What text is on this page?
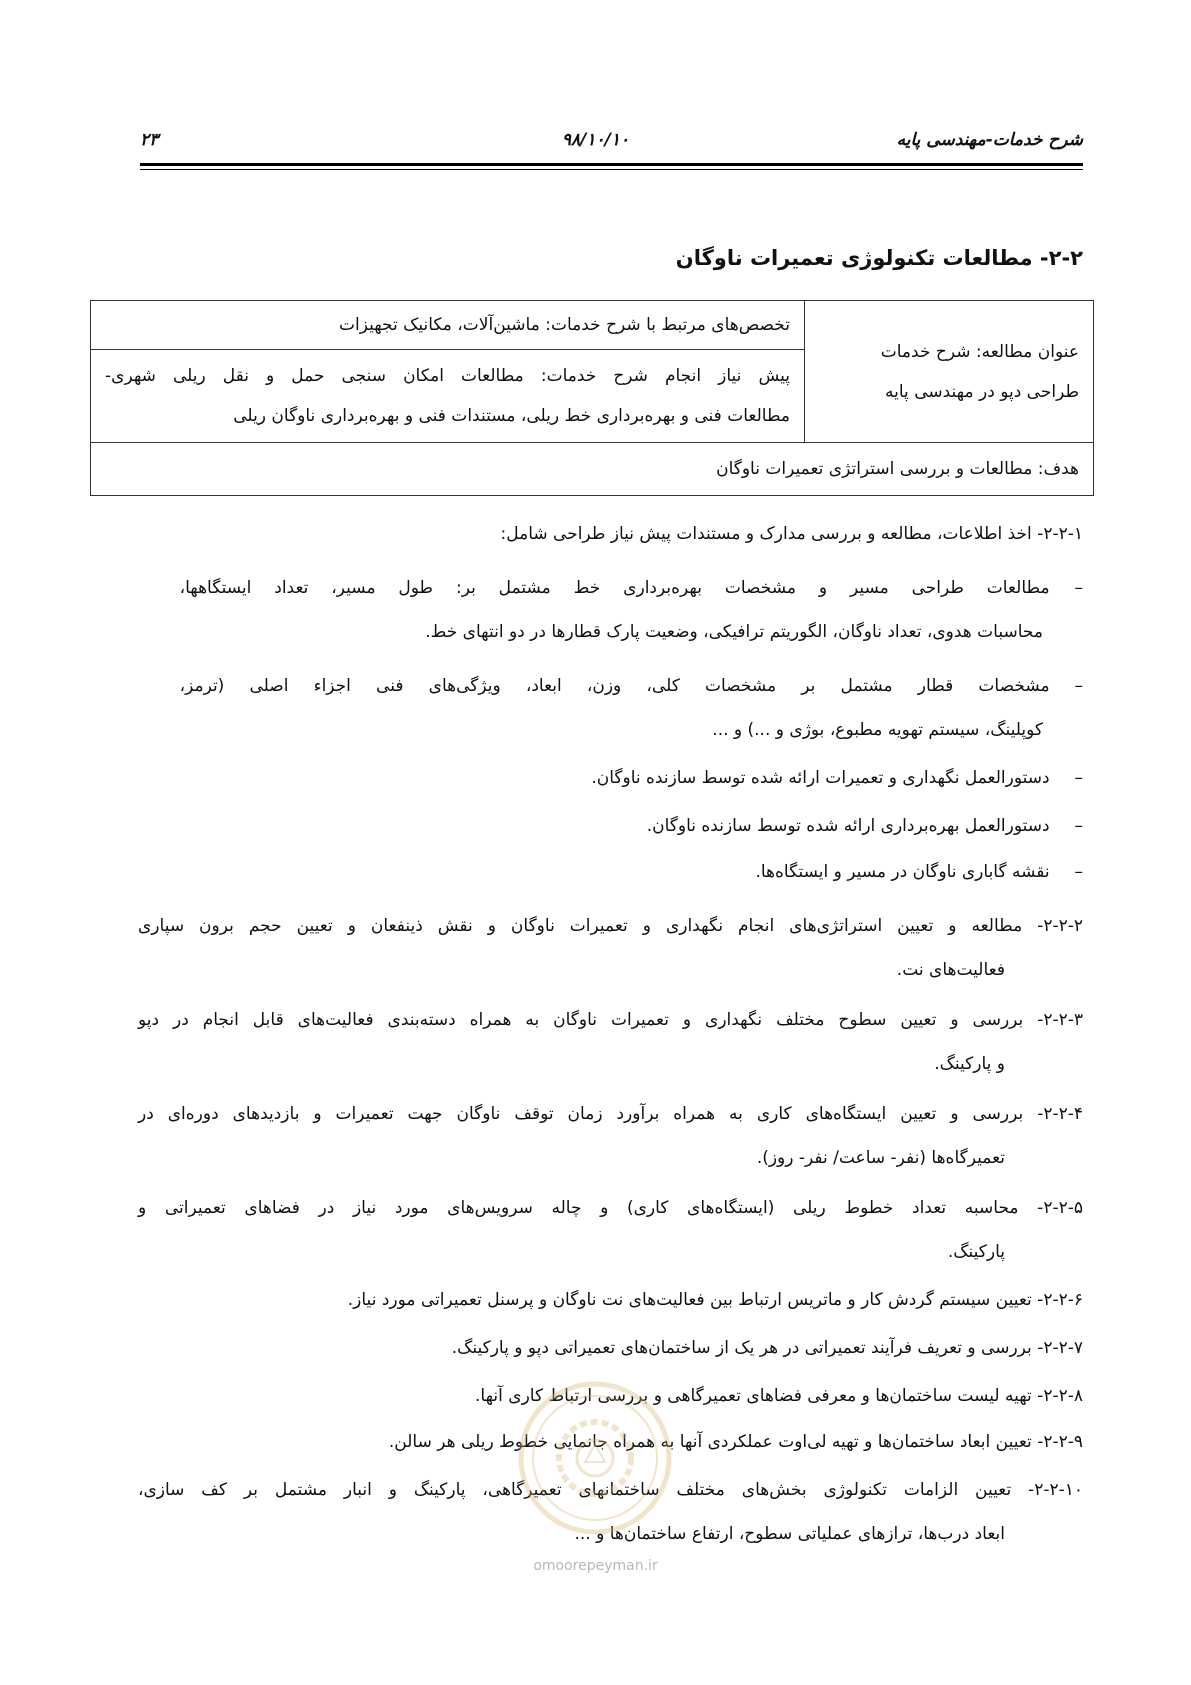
شرح خدمات-مهندسی پایه
۹۸/۱۰/۱۰
۲۳
۲-۲- مطالعات تکنولوژی تعمیرات ناوگان
عنوان مطالعه: شرح خدمات
طراحی دپو در مهندسی پایه
	تخصص‌های مرتبط با شرح خدمات: ماشین‌آلات، مکانیک تجهیزات

پیش نیاز انجام شرح خدمات: مطالعات امکان سنجی حمل و نقل ریلی شهری-
مطالعات فنی و بهره‌برداری خط ریلی، مستندات فنی و بهره‌برداری ناوگان ریلی

هدف: مطالعات و بررسی استراتژی تعمیرات ناوگان
۲-۲-۱- اخذ اطلاعات، مطالعه و بررسی مدارک و مستندات پیش نیاز طراحی شامل:
– مطالعات طراحی مسیر و مشخصات بهره‌برداری خط مشتمل بر: طول مسیر، تعداد ایستگاهها،
محاسبات هدوی، تعداد ناوگان، الگوریتم ترافیکی، وضعیت پارک قطارها در دو انتهای خط.
– مشخصات قطار مشتمل بر مشخصات کلی، وزن، ابعاد، ویژگی‌های فنی اجزاء اصلی (ترمز،
کوپلینگ، سیستم تهویه مطبوع، بوژی و ...) و ...
– دستورالعمل نگهداری و تعمیرات ارائه شده توسط سازنده ناوگان.
– دستورالعمل بهره‌برداری ارائه شده توسط سازنده ناوگان.
– نقشه گاباری ناوگان در مسیر و ایستگاه‌ها.
۲-۲-۲- مطالعه و تعیین استراتژی‌های انجام نگهداری و تعمیرات ناوگان و نقش ذینفعان و تعیین حجم برون سپاری
فعالیت‌های نت.
۲-۲-۳- بررسی و تعیین سطوح مختلف نگهداری و تعمیرات ناوگان به همراه دسته‌بندی فعالیت‌های قابل انجام در دپو
و پارکینگ.
۲-۲-۴- بررسی و تعیین ایستگاه‌های کاری به همراه برآورد زمان توقف ناوگان جهت تعمیرات و بازدیدهای دوره‌ای در
تعمیرگاه‌ها (نفر- ساعت/ نفر- روز).
۲-۲-۵- محاسبه تعداد خطوط ریلی (ایستگاه‌های کاری) و چاله سرویس‌های مورد نیاز در فضاهای تعمیراتی و
پارکینگ.
۲-۲-۶- تعیین سیستم گردش کار و ماتریس ارتباط بین فعالیت‌های نت ناوگان و پرسنل تعمیراتی مورد نیاز.
۲-۲-۷- بررسی و تعریف فرآیند تعمیراتی در هر یک از ساختمان‌های تعمیراتی دپو و پارکینگ.
۲-۲-۸- تهیه لیست ساختمان‌ها و معرفی فضاهای تعمیرگاهی و بررسی ارتباط کاری آنها.
۲-۲-۹- تعیین ابعاد ساختمان‌ها و تهیه لی‌اوت عملکردی آنها به همراه جانمایی خطوط ریلی هر سالن.
۲-۲-۱۰- تعیین الزامات تکنولوژی بخش‌های مختلف ساختمانهای تعمیرگاهی، پارکینگ و انبار مشتمل بر کف سازی،
ابعاد درب‌ها، ترازهای عملیاتی سطوح، ارتفاع ساختمان‌ها و ...
omoorepeyman.ir
